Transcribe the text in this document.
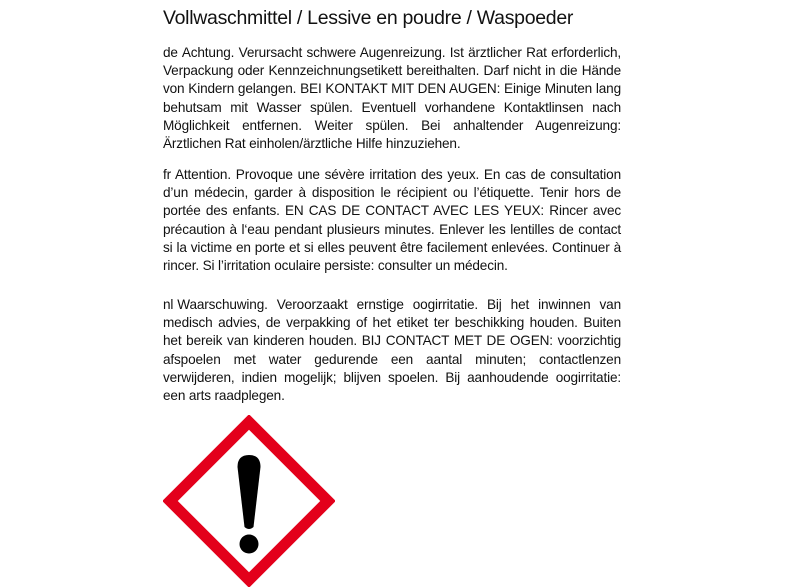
Vollwaschmittel / Lessive en poudre / Waspoeder
de Achtung. Verursacht schwere Augenreizung. Ist ärztlicher Rat erforderlich, Verpackung oder Kennzeichnungsetikett bereithalten. Darf nicht in die Hände von Kindern gelangen. BEI KONTAKT MIT DEN AUGEN: Einige Minuten lang behutsam mit Wasser spülen. Eventuell vorhandene Kontaktlinsen nach Möglichkeit entfernen. Weiter spülen. Bei anhaltender Augenreizung: Ärztlichen Rat einholen/ärztliche Hilfe hinzuziehen.
fr Attention. Provoque une sévère irritation des yeux. En cas de consultation d’un médecin, garder à disposition le récipient ou l’étiquette. Tenir hors de portée des enfants. EN CAS DE CONTACT AVEC LES YEUX: Rincer avec précaution à l‘eau pendant plusieurs minutes. Enlever les lentilles de contact si la victime en porte et si elles peuvent être facilement enlevées. Continuer à rincer. Si l’irritation oculaire persiste: consulter un médecin.
nl Waarschuwing. Veroorzaakt ernstige oogirritatie. Bij het inwinnen van medisch advies, de verpakking of het etiket ter beschikking houden. Buiten het bereik van kinderen houden. BIJ CONTACT MET DE OGEN: voorzichtig afspoelen met water gedurende een aantal minuten; contactlenzen verwijderen, indien mogelijk; blijven spoelen. Bij aanhoudende oogirritatie: een arts raadplegen.
